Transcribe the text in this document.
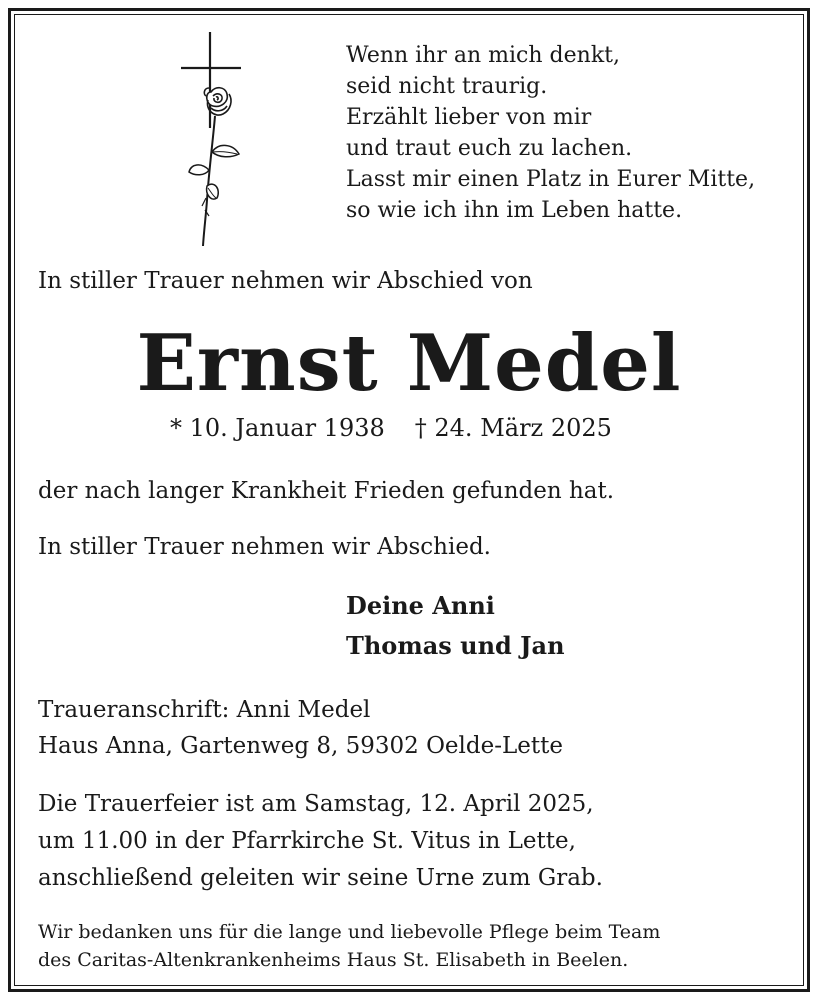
Wenn ihr an mich denkt,
seid nicht traurig.
Erzählt lieber von mir
und traut euch zu lachen.
Lasst mir einen Platz in Eurer Mitte,
so wie ich ihn im Leben hatte.
In stiller Trauer nehmen wir Abschied von
Ernst Medel
* 10. Januar 1938 † 24. März 2025
der nach langer Krankheit Frieden gefunden hat.
In stiller Trauer nehmen wir Abschied.
Deine Anni
Thomas und Jan
Traueranschrift: Anni Medel
Haus Anna, Gartenweg 8, 59302 Oelde-Lette
Die Trauerfeier ist am Samstag, 12. April 2025,
um 11.00 in der Pfarrkirche St. Vitus in Lette,
anschließend geleiten wir seine Urne zum Grab.
Wir bedanken uns für die lange und liebevolle Pflege beim Team
des Caritas-Altenkrankenheims Haus St. Elisabeth in Beelen.
